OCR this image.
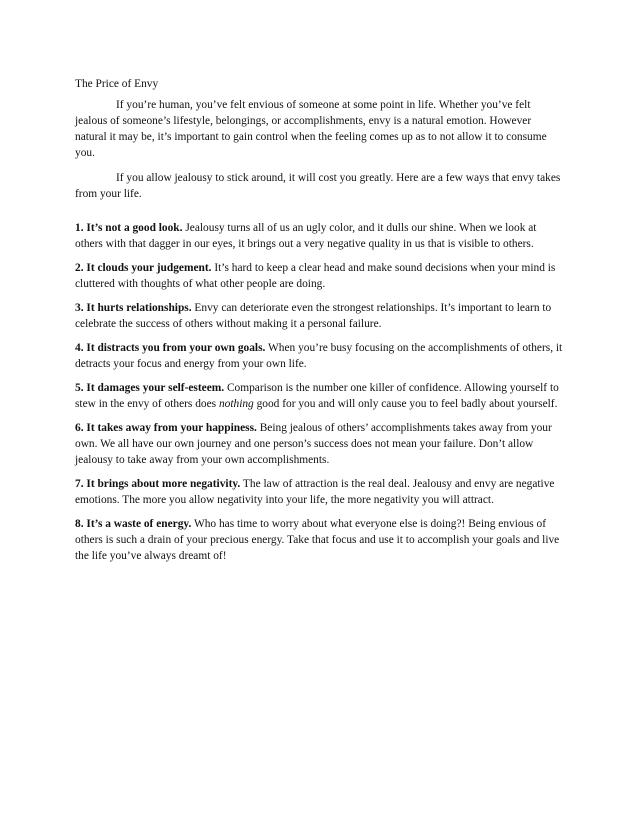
The Price of Envy

If you’re human, you’ve felt envious of someone at some point in life. Whether you’ve felt jealous of someone’s lifestyle, belongings, or accomplishments, envy is a natural emotion. However natural it may be, it’s important to gain control when the feeling comes up as to not allow it to consume you.

If you allow jealousy to stick around, it will cost you greatly. Here are a few ways that envy takes from your life.

1. It’s not a good look. Jealousy turns all of us an ugly color, and it dulls our shine. When we look at others with that dagger in our eyes, it brings out a very negative quality in us that is visible to others.

2. It clouds your judgement. It’s hard to keep a clear head and make sound decisions when your mind is cluttered with thoughts of what other people are doing.

3. It hurts relationships. Envy can deteriorate even the strongest relationships. It’s important to learn to celebrate the success of others without making it a personal failure.

4. It distracts you from your own goals. When you’re busy focusing on the accomplishments of others, it detracts your focus and energy from your own life.

5. It damages your self-esteem. Comparison is the number one killer of confidence. Allowing yourself to stew in the envy of others does nothing good for you and will only cause you to feel badly about yourself.

6. It takes away from your happiness. Being jealous of others’ accomplishments takes away from your own. We all have our own journey and one person’s success does not mean your failure. Don’t allow jealousy to take away from your own accomplishments.

7. It brings about more negativity. The law of attraction is the real deal. Jealousy and envy are negative emotions. The more you allow negativity into your life, the more negativity you will attract.

8. It’s a waste of energy. Who has time to worry about what everyone else is doing?! Being envious of others is such a drain of your precious energy. Take that focus and use it to accomplish your goals and live the life you’ve always dreamt of!
